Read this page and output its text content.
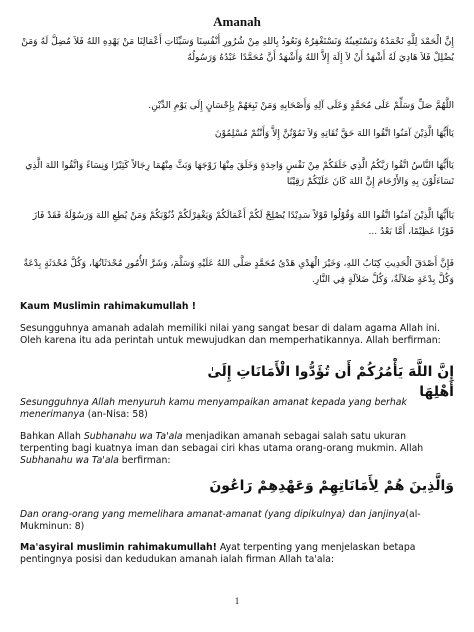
Amanah
إِنَّ الْحَمْدَ لِلَّهِ نَحْمَدُهُ وَنَسْتَعِينُهُ وَنَسْتَغْفِرُهُ وَنَعُوذُ بِاللهِ مِنْ شُرُورِ أَنْفُسِنَا وَسَيِّئَاتِ أَعْمَالِنَا مَنْ يَهْدِهِ اللهُ فَلاَ مُضِلَّ لَهُ وَمَنْ يُضْلِلْ فَلاَ هَادِيَ لَهُ أَشْهَدُ أَنْ لاَ إِلَهَ إِلاَّ اللهُ وَأَشْهَدُ أَنَّ مُحَمَّدًا عَبْدُهُ وَرَسُولُهُ
اللَّهُمَّ صَلِّ وَسَلِّمْ عَلَى مُحَمَّدٍ وَعَلَى آلِهِ وَأَصْحَابِهِ وَمَنْ تَبِعَهُمْ بِإِحْسَانٍ إِلَى يَوْمِ الدِّيْنِ.
يَاأَيُّهَا الَّذِيْنَ آمَنُوا اتَّقُوا اللهَ حَقَّ تُقَاتِهِ وَلاَ تَمُوْتُنَّ إِلاَّ وَأَنْتُمْ مُسْلِمُوْنَ
يَاأَيُّهَا النَّاسُ اتَّقُوا رَبَّكُمُ الَّذِي خَلَقَكُمْ مِنْ نَفْسٍ وَاحِدَةٍ وَخَلَقَ مِنْهَا زَوْجَهَا وَبَثَّ مِنْهُمَا رِجَالاً كَثِيْرًا وَنِسَاءً وَاتَّقُوا اللهَ الَّذِي تَسَاءَلُوْنَ بِهِ وَالأَرْحَامَ إِنَّ اللهَ كَانَ عَلَيْكُمْ رَقِيْبًا
يَاأَيُّهَا الَّذِيْنَ آمَنُوا اتَّقُوا اللهَ وَقُوْلُوا قَوْلاً سَدِيْدًا يُصْلِحْ لَكُمْ أَعْمَالَكُمْ وَيَغْفِرْلَكُمْ ذُنُوْبَكُمْ وَمَنْ يُطِعِ اللهَ وَرَسُوْلَهُ فَقَدْ فَازَ فَوْزًا عَظِيْمًا، أَمَّا بَعْدُ ...
فَإِنَّ أَصْدَقَ الْحَدِيثِ كِتَابُ اللهِ، وَخَيْرَ الْهَدْىِ هَدْىُ مُحَمَّدٍ صَلَّى اللهُ عَلَيْهِ وَسَلَّمَ، وَشَرَّ الأُمُورِ مُحْدَثَاتُهَا، وَكُلَّ مُحْدَثَةٍ بِدْعَةٌ وَكُلَّ بِدْعَةٍ ضَلاَلَةٌ، وَكُلَّ ضَلاَلَةٍ فِي النَّارِ.
Kaum Muslimin rahimakumullah !
Sesungguhnya amanah adalah memiliki nilai yang sangat besar di dalam agama Allah ini. Oleh karena itu ada perintah untuk mewujudkan dan memperhatikannya. Allah berfirman:
إِنَّ اللَّهَ يَأْمُرُكُمْ أَن تُؤَدُّوا الْأَمَانَاتِ إِلَىٰ أَهْلِهَا
Sesungguhnya Allah menyuruh kamu menyampaikan amanat kepada yang berhak menerimanya (an-Nisa: 58)
Bahkan Allah Subhanahu wa Ta'ala menjadikan amanah sebagai salah satu ukuran terpenting bagi kuatnya iman dan sebagai ciri khas utama orang-orang mukmin. Allah Subhanahu wa Ta'ala berfirman:
وَالَّذِينَ هُمْ لِأَمَانَاتِهِمْ وَعَهْدِهِمْ رَاعُونَ
Dan orang-orang yang memelihara amanat-amanat (yang dipikulnya) dan janjinya(al-Mukminun: 8)
Ma'asyiral muslimin rahimakumullah! Ayat terpenting yang menjelaskan betapa pentingnya posisi dan kedudukan amanah ialah firman Allah ta'ala:
1
